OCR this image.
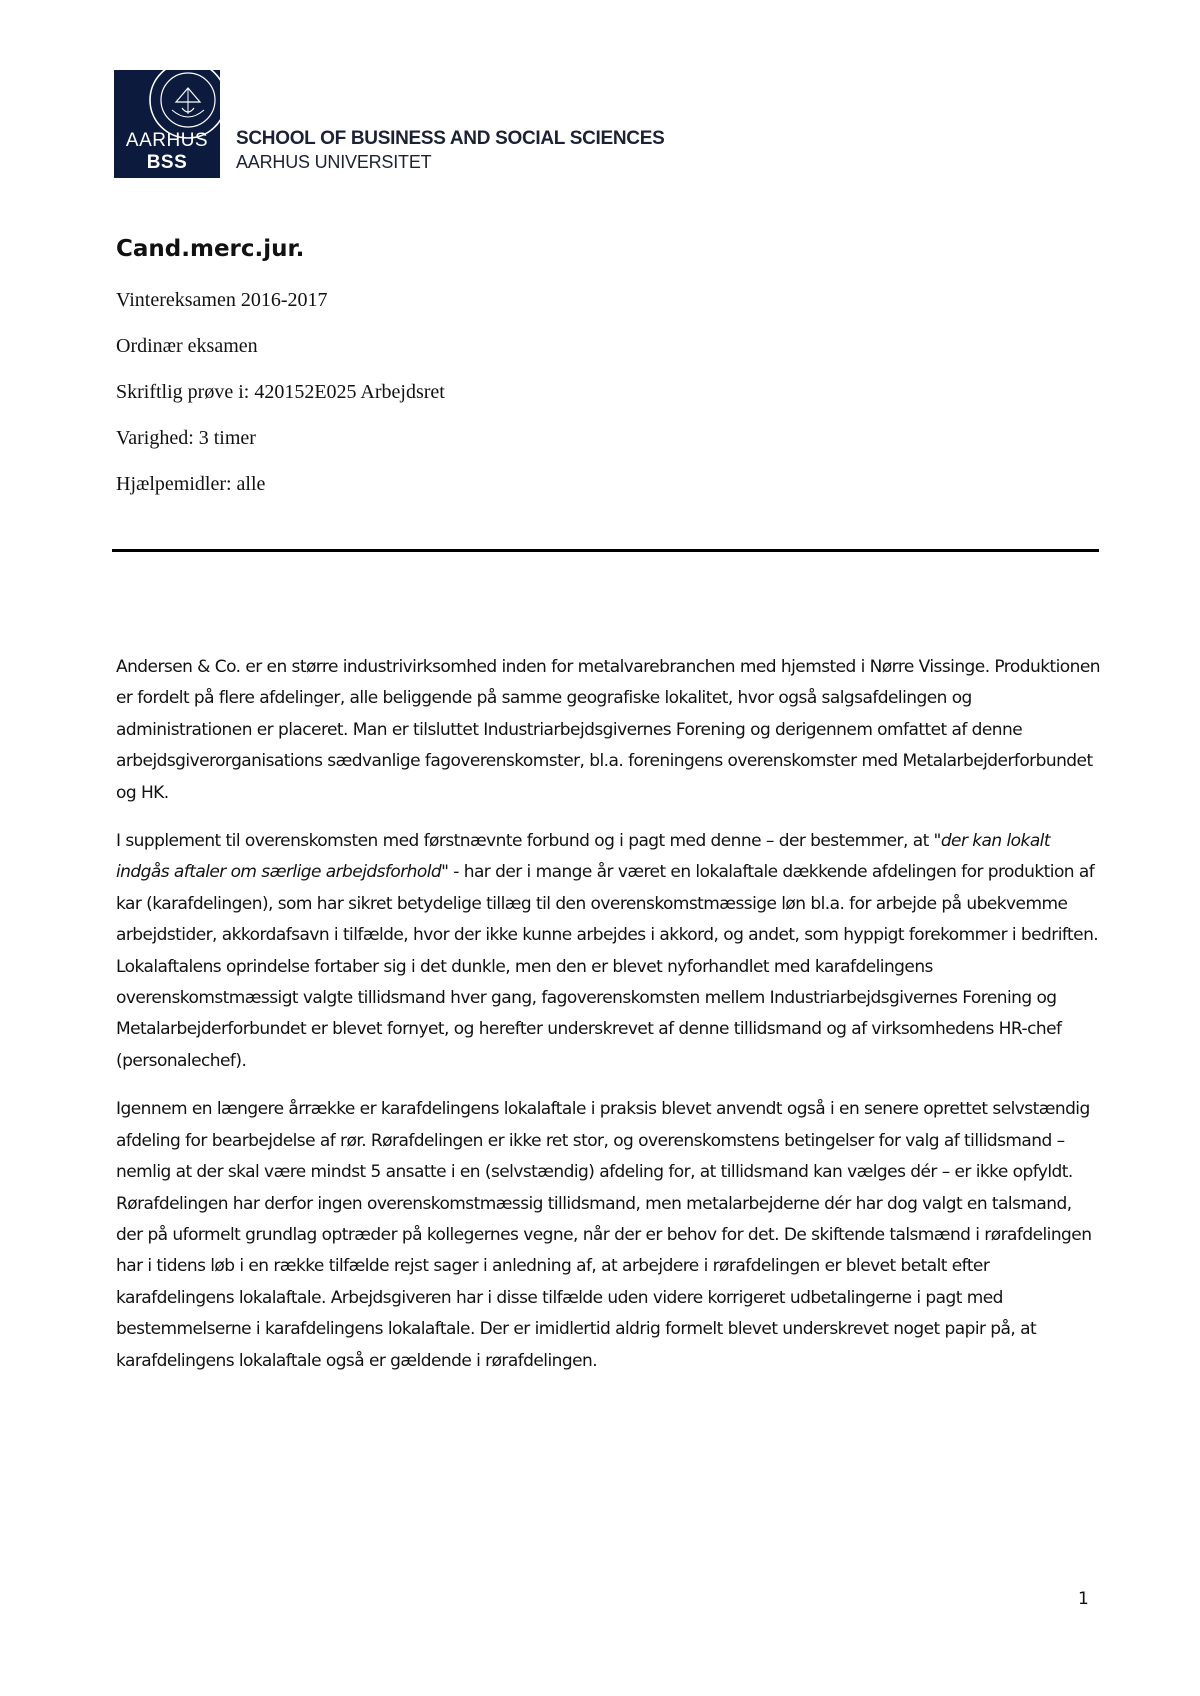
AARHUS
BSS
SCHOOL OF BUSINESS AND SOCIAL SCIENCES
AARHUS UNIVERSITET
Cand.merc.jur.
Vintereksamen 2016-2017
Ordinær eksamen
Skriftlig prøve i: 420152E025 Arbejdsret
Varighed: 3 timer
Hjælpemidler: alle

Andersen & Co. er en større industrivirksomhed inden for metalvarebranchen med hjemsted i Nørre Vissinge. Produktionen er fordelt på flere afdelinger, alle beliggende på samme geografiske lokalitet, hvor også salgsafdelingen og administrationen er placeret. Man er tilsluttet Industriarbejdsgivernes Forening og derigennem omfattet af denne arbejdsgiverorganisations sædvanlige fagoverenskomster, bl.a. foreningens overenskomster med Metalarbejderforbundet og HK.

I supplement til overenskomsten med førstnævnte forbund og i pagt med denne – der bestemmer, at "der kan lokalt indgås aftaler om særlige arbejdsforhold" - har der i mange år været en lokalaftale dækkende afdelingen for produktion af kar (karafdelingen), som har sikret betydelige tillæg til den overenskomstmæssige løn bl.a. for arbejde på ubekvemme arbejdstider, akkordafsavn i tilfælde, hvor der ikke kunne arbejdes i akkord, og andet, som hyppigt forekommer i bedriften. Lokalaftalens oprindelse fortaber sig i det dunkle, men den er blevet nyforhandlet med karafdelingens overenskomstmæssigt valgte tillidsmand hver gang, fagoverenskomsten mellem Industriarbejdsgivernes Forening og Metalarbejderforbundet er blevet fornyet, og herefter underskrevet af denne tillidsmand og af virksomhedens HR-chef (personalechef).

Igennem en længere årrække er karafdelingens lokalaftale i praksis blevet anvendt også i en senere oprettet selvstændig afdeling for bearbejdelse af rør. Rørafdelingen er ikke ret stor, og overenskomstens betingelser for valg af tillidsmand – nemlig at der skal være mindst 5 ansatte i en (selvstændig) afdeling for, at tillidsmand kan vælges dér – er ikke opfyldt. Rørafdelingen har derfor ingen overenskomstmæssig tillidsmand, men metalarbejderne dér har dog valgt en talsmand, der på uformelt grundlag optræder på kollegernes vegne, når der er behov for det. De skiftende talsmænd i rørafdelingen har i tidens løb i en række tilfælde rejst sager i anledning af, at arbejdere i rørafdelingen er blevet betalt efter karafdelingens lokalaftale. Arbejdsgiveren har i disse tilfælde uden videre korrigeret udbetalingerne i pagt med bestemmelserne i karafdelingens lokalaftale. Der er imidlertid aldrig formelt blevet underskrevet noget papir på, at karafdelingens lokalaftale også er gældende i rørafdelingen.

1
